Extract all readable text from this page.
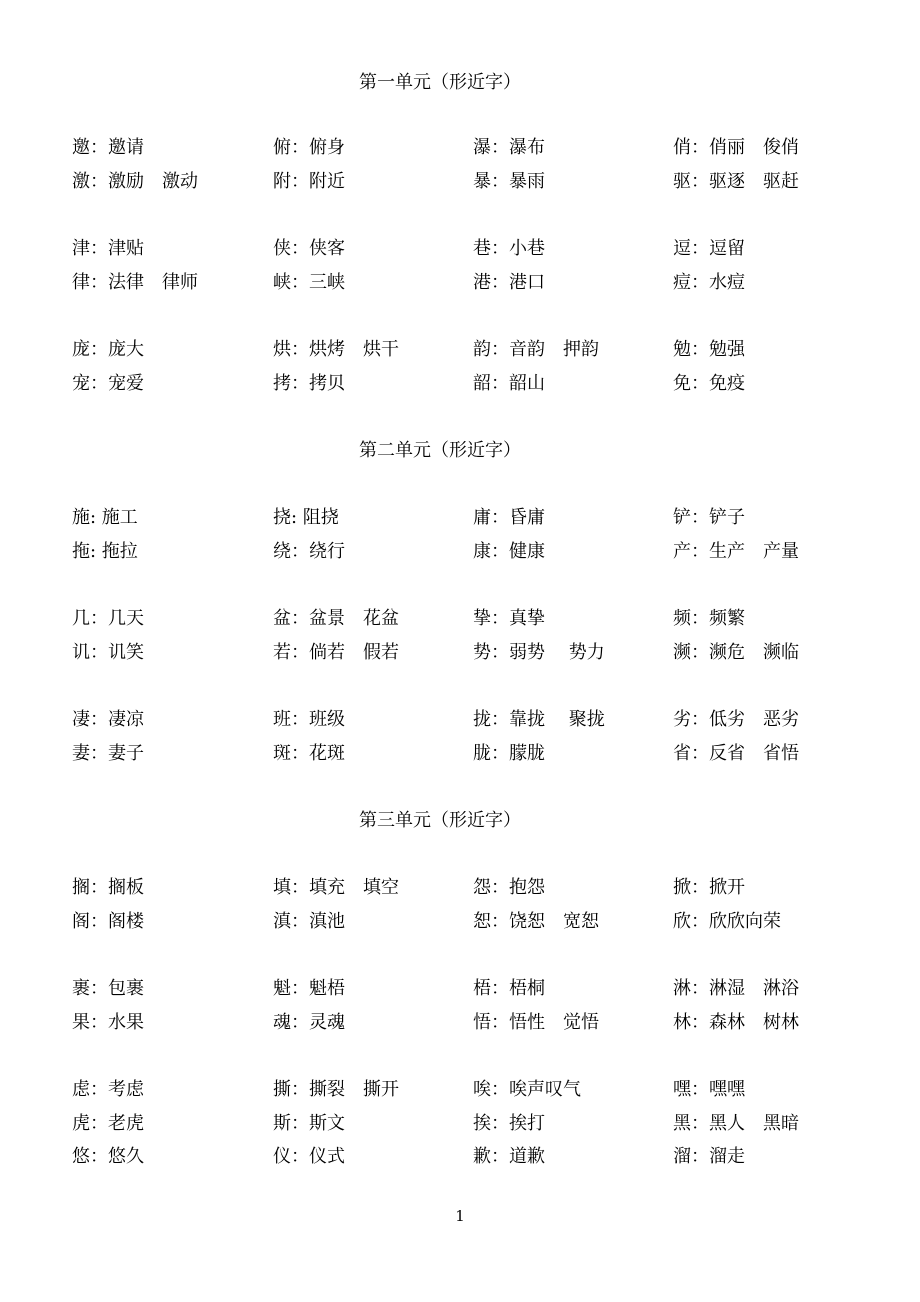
第一单元（形近字）
邀：邀请	俯：俯身	瀑：瀑布	俏：俏丽　俊俏
激：激励　激动	附：附近	暴：暴雨	驱：驱逐　驱赶
津：津贴	侠：侠客	巷：小巷	逗：逗留
律：法律　律师	峡：三峡	港：港口	痘：水痘
庞：庞大	烘：烘烤　烘干	韵：音韵　押韵	勉：勉强
宠：宠爱	拷：拷贝	韶：韶山	免：免疫
第二单元（形近字）
施: 施工	挠: 阻挠	庸：昏庸	铲：铲子
拖: 拖拉	绕：绕行	康：健康	产：生产　产量
几：几天	盆：盆景　花盆	挚：真挚	频：频繁
讥：讥笑	若：倘若　假若	势：弱势　 势力	濒：濒危　濒临
凄：凄凉	班：班级	拢：靠拢　 聚拢	劣：低劣　恶劣
妻：妻子	斑：花斑	胧：朦胧	省：反省　省悟
第三单元（形近字）
搁：搁板	填：填充　填空	怨：抱怨	掀：掀开
阁：阁楼	滇：滇池	恕：饶恕　宽恕	欣：欣欣向荣
裹：包裹	魁：魁梧	梧：梧桐	淋：淋湿　淋浴
果：水果	魂：灵魂	悟：悟性　觉悟	林：森林　树林
虑：考虑	撕：撕裂　撕开	唉：唉声叹气	嘿：嘿嘿
虎：老虎	斯：斯文	挨：挨打	黑：黑人　黑暗
悠：悠久	仪：仪式	歉：道歉	溜：溜走
1
